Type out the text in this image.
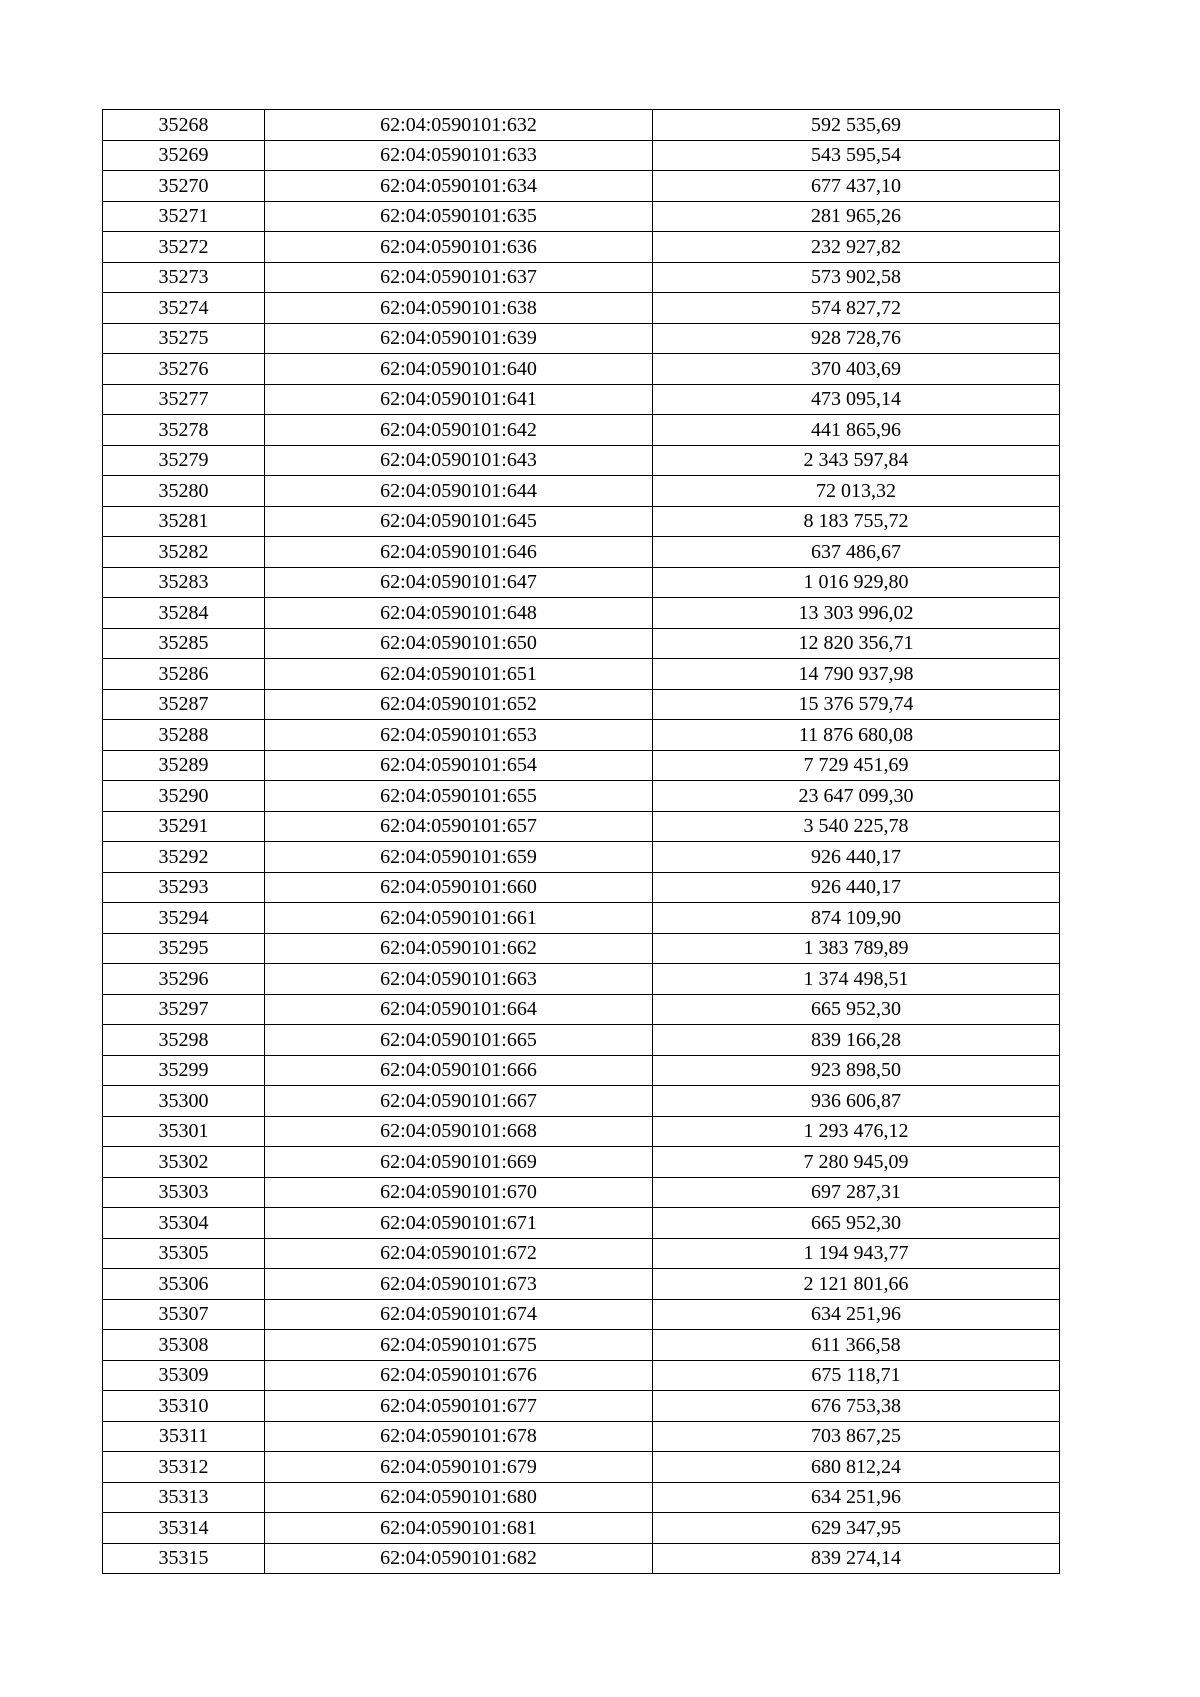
35268	62:04:0590101:632	592 535,69
35269	62:04:0590101:633	543 595,54
35270	62:04:0590101:634	677 437,10
35271	62:04:0590101:635	281 965,26
35272	62:04:0590101:636	232 927,82
35273	62:04:0590101:637	573 902,58
35274	62:04:0590101:638	574 827,72
35275	62:04:0590101:639	928 728,76
35276	62:04:0590101:640	370 403,69
35277	62:04:0590101:641	473 095,14
35278	62:04:0590101:642	441 865,96
35279	62:04:0590101:643	2 343 597,84
35280	62:04:0590101:644	72 013,32
35281	62:04:0590101:645	8 183 755,72
35282	62:04:0590101:646	637 486,67
35283	62:04:0590101:647	1 016 929,80
35284	62:04:0590101:648	13 303 996,02
35285	62:04:0590101:650	12 820 356,71
35286	62:04:0590101:651	14 790 937,98
35287	62:04:0590101:652	15 376 579,74
35288	62:04:0590101:653	11 876 680,08
35289	62:04:0590101:654	7 729 451,69
35290	62:04:0590101:655	23 647 099,30
35291	62:04:0590101:657	3 540 225,78
35292	62:04:0590101:659	926 440,17
35293	62:04:0590101:660	926 440,17
35294	62:04:0590101:661	874 109,90
35295	62:04:0590101:662	1 383 789,89
35296	62:04:0590101:663	1 374 498,51
35297	62:04:0590101:664	665 952,30
35298	62:04:0590101:665	839 166,28
35299	62:04:0590101:666	923 898,50
35300	62:04:0590101:667	936 606,87
35301	62:04:0590101:668	1 293 476,12
35302	62:04:0590101:669	7 280 945,09
35303	62:04:0590101:670	697 287,31
35304	62:04:0590101:671	665 952,30
35305	62:04:0590101:672	1 194 943,77
35306	62:04:0590101:673	2 121 801,66
35307	62:04:0590101:674	634 251,96
35308	62:04:0590101:675	611 366,58
35309	62:04:0590101:676	675 118,71
35310	62:04:0590101:677	676 753,38
35311	62:04:0590101:678	703 867,25
35312	62:04:0590101:679	680 812,24
35313	62:04:0590101:680	634 251,96
35314	62:04:0590101:681	629 347,95
35315	62:04:0590101:682	839 274,14
